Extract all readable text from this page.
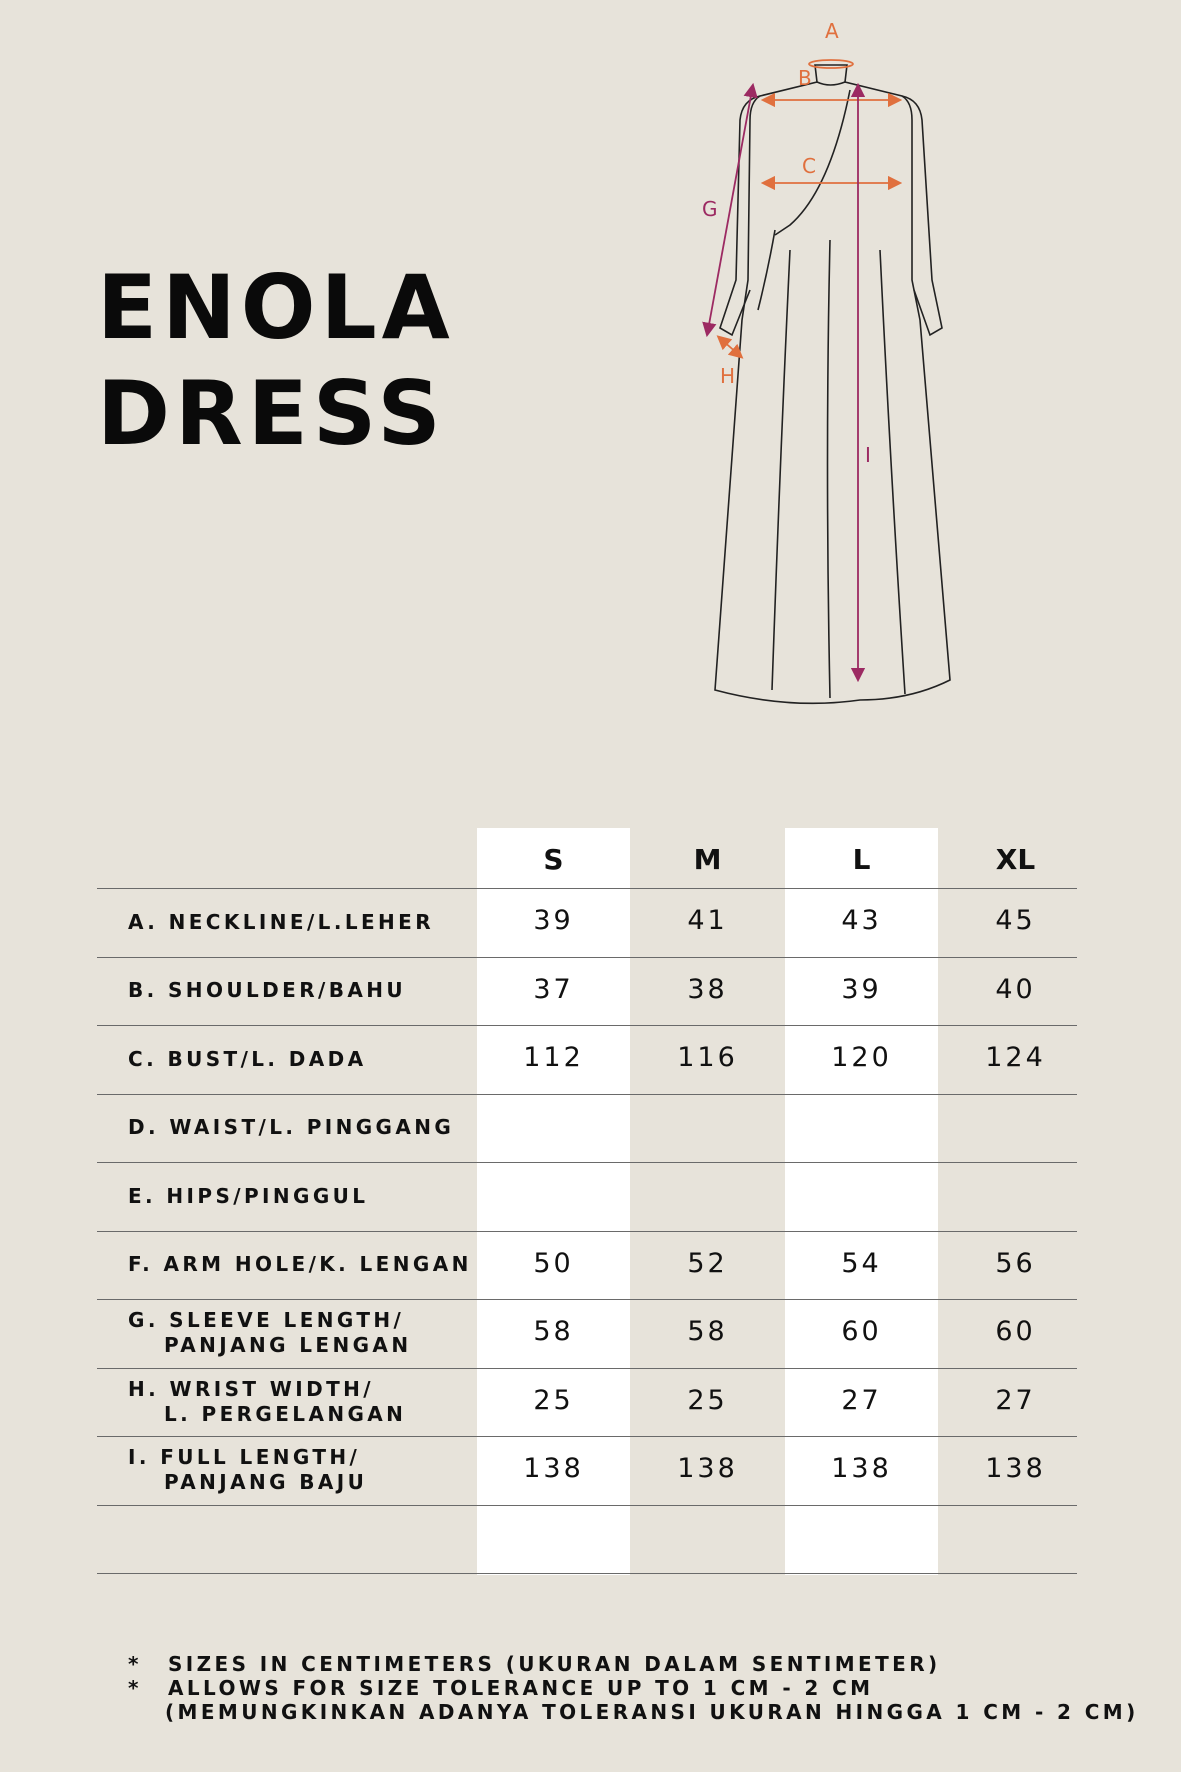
ENOLA
DRESS
A
B
C
G
H
I
S	M	L	XL
A. NECKLINE/L.LEHER	39	41	43	45
B. SHOULDER/BAHU	37	38	39	40
C. BUST/L. DADA	112	116	120	124
D. WAIST/L. PINGGANG
E. HIPS/PINGGUL
F. ARM HOLE/K. LENGAN	50	52	54	56
G. SLEEVE LENGTH/
PANJANG LENGAN	58	58	60	60
H. WRIST WIDTH/
L. PERGELANGAN	25	25	27	27
I. FULL LENGTH/
PANJANG BAJU	138	138	138	138
* SIZES IN CENTIMETERS (UKURAN DALAM SENTIMETER)
* ALLOWS FOR SIZE TOLERANCE UP TO 1 CM - 2 CM
(MEMUNGKINKAN ADANYA TOLERANSI UKURAN HINGGA 1 CM - 2 CM)
